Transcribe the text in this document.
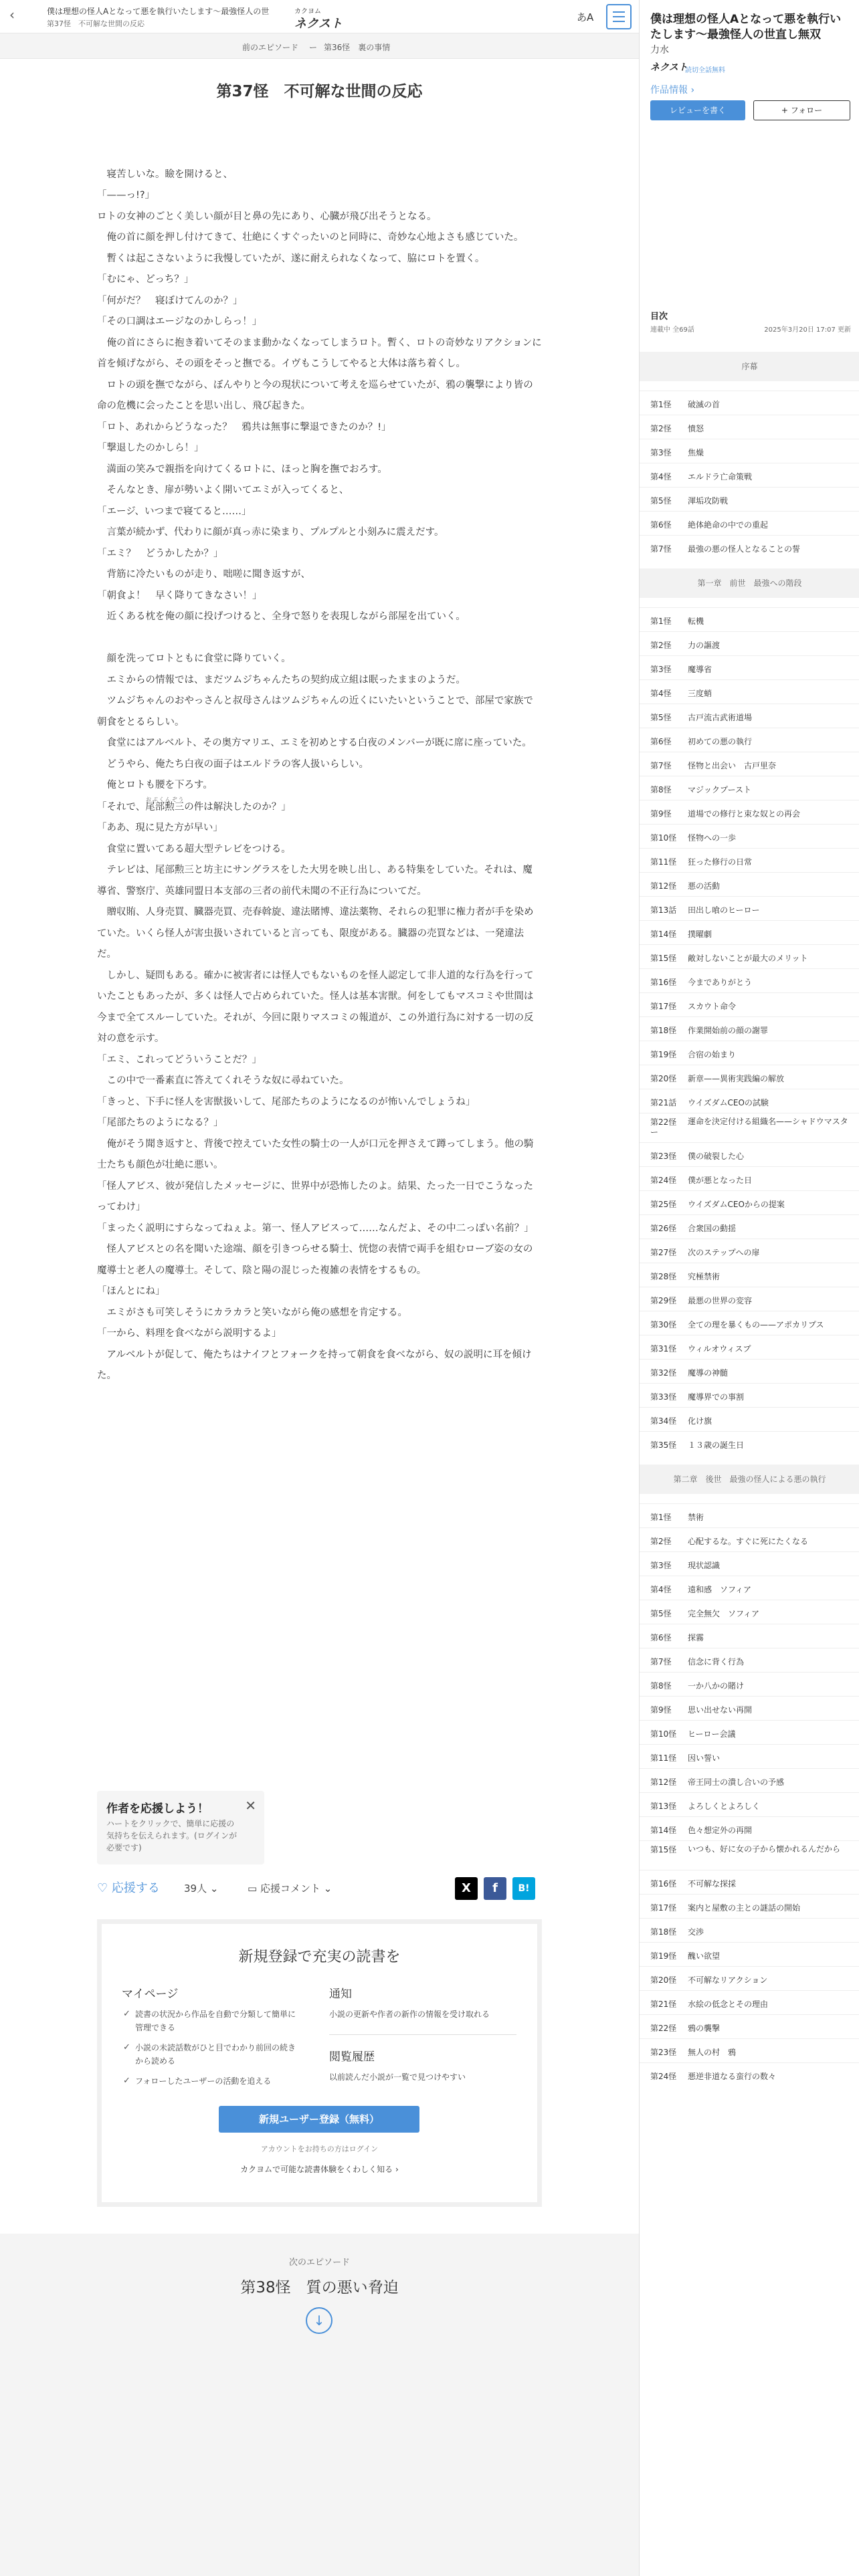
‹	僕は理想の怪人Aとなって悪を執行いたします〜最強怪人の世
第37怪　不可解な世間の反応
カクヨム
ネクスト	あA
前のエピソード ー 第36怪　裏の事情
第37怪　不可解な世間の反応

　寝苦しいな。瞼を開けると、

「——っ!?」

ロトの女神のごとく美しい顔が目と鼻の先にあり、心臓が飛び出そうとなる。

　俺の首に顔を押し付けてきて、壮絶にくすぐったいのと同時に、奇妙な心地よさも感じていた。

　暫くは起こさないように我慢していたが、遂に耐えられなくなって、脇にロトを置く。

「むにゃ、どっち？」

「何がだ？　寝ぼけてんのか？」

「その口調はエージなのかしらっ！」

　俺の首にさらに抱き着いてそのまま動かなくなってしまうロト。暫く、ロトの奇妙なリアクションに首を傾げながら、その頭をそっと撫でる。イヴもこうしてやると大体は落ち着くし。

　ロトの頭を撫でながら、ぼんやりと今の現状について考えを巡らせていたが、鴉の襲撃により皆の命の危機に会ったことを思い出し、飛び起きた。

「ロト、あれからどうなった？　鴉共は無事に撃退できたのか？!」

「撃退したのかしら！」

　満面の笑みで親指を向けてくるロトに、ほっと胸を撫でおろす。

　そんなとき、扉が勢いよく開いてエミが入ってくると、

「エージ、いつまで寝てると……」

　言葉が続かず、代わりに顔が真っ赤に染まり、プルプルと小刻みに震えだす。

「エミ？　どうかしたか？」

　背筋に冷たいものが走り、咄嗟に聞き返すが、

「朝食よ！　早く降りてきなさい！」

　近くある枕を俺の顔に投げつけると、全身で怒りを表現しながら部屋を出ていく。

　顔を洗ってロトともに食堂に降りていく。

　エミからの情報では、まだツムジちゃんたちの契約成立組は眠ったままのようだ。

　ツムジちゃんのおやっさんと叔母さんはツムジちゃんの近くにいたいということで、部屋で家族で朝食をとるらしい。

　食堂にはアルベルト、その奥方マリエ、エミを初めとする白夜のメンバーが既に席に座っていた。

　どうやら、俺たち白夜の面子はエルドラの客人扱いらしい。

　俺とロトも腰を下ろす。

「それで、尾部勲三おぶくんぞうの件は解決したのか？」

「ああ、現に見た方が早い」

　食堂に置いてある超大型テレビをつける。

　テレビは、尾部勲三と坊主にサングラスをした大男を映し出し、ある特集をしていた。それは、魔導省、警察庁、英雄同盟日本支部の三者の前代未聞の不正行為についてだ。

　贈収賄、人身売買、臓器売買、売春斡旋、違法賭博、違法薬物、それらの犯罪に権力者が手を染めていた。いくら怪人が害虫扱いされていると言っても、限度がある。臓器の売買などは、一発違法だ。

　しかし、疑問もある。確かに被害者には怪人でもないものを怪人認定して非人道的な行為を行っていたこともあったが、多くは怪人で占められていた。怪人は基本害獣。何をしてもマスコミや世間は今まで全てスルーしていた。それが、今回に限りマスコミの報道が、この外道行為に対する一切の反対の意を示す。

「エミ、これってどういうことだ？」

　この中で一番素直に答えてくれそうな奴に尋ねていた。

「きっと、下手に怪人を害獣扱いして、尾部たちのようになるのが怖いんでしょうね」

「尾部たちのようになる？」

　俺がそう聞き返すと、背後で控えていた女性の騎士の一人が口元を押さえて蹲ってしまう。他の騎士たちも顔色が壮絶に悪い。

「怪人アビス、彼が発信したメッセージに、世界中が恐怖したのよ。結果、たった一日でこうなったってわけ」

「まったく説明にすらなってねぇよ。第一、怪人アビスって……なんだよ、その中二っぽい名前？」

　怪人アビスとの名を聞いた途端、顔を引きつらせる騎士、恍惚の表情で両手を組むローブ姿の女の魔導士と老人の魔導士。そして、陰と陽の混じった複雑の表情をするもの。

「ほんとにね」

　エミがさも可笑しそうにカラカラと笑いながら俺の感想を肯定する。

「一から、料理を食べながら説明するよ」

　アルベルトが促して、俺たちはナイフとフォークを持って朝食を食べながら、奴の説明に耳を傾けた。

作者を応援しよう！	✕

ハートをクリックで、簡単に応援の気持ちを伝えられます。(ログインが必要です)

♡ 応援する 39人 ⌄	▭ 応援コメント ⌄	X	f	B!
新規登録で充実の読書を
マイページ
✓ 読書の状況から作品を自動で分類して簡単に管理できる
✓ 小説の未読話数がひと目でわかり前回の続きから読める
✓ フォローしたユーザーの活動を追える
通知

小説の更新や作者の新作の情報を受け取れる

閲覧履歴

以前読んだ小説が一覧で見つけやすい

新規ユーザー登録（無料）
アカウントをお持ちの方はログイン
カクヨムで可能な読書体験をくわしく知る ›
次のエピソード
第38怪　質の悪い脅迫
↓
僕は理想の怪人Aとなって悪を執行いたします〜最強怪人の世直し無双
力水
ネクスト
読切全話無料
作品情報 ›
レビューを書く	+ フォロー
目次
連載中 全69話	2025年3月20日 17:07 更新
序幕
第1怪	破滅の首
第2怪	憤怒
第3怪	焦燥
第4怪	エルドラ亡命策戦
第5怪	渾垢攻防戦
第6怪	絶体絶命の中での重起
第7怪	最強の悪の怪人となることの誓
第一章　前世　最強への階段
第1怪	転機
第2怪	力の謳渡
第3怪	魔導省
第4怪	三度蛸
第5怪	古戸流古武術道場
第6怪	初めての悪の執行
第7怪	怪物と出会い　古戸里奈
第8怪	マジックプースト
第9怪	道場での修行と束な奴との再会
第10怪	怪物への一歩
第11怪	狂った修行の日常
第12怪	悪の活動
第13話	田出し喰のヒーロー
第14怪	撲曜劇
第15怪	敵対しないことが最大のメリット
第16怪	今までありがとう
第17怪	スカウト命令
第18怪	作業開始前の顔の謝罪
第19怪	合宿の始まり
第20怪	新章——異術実践編の解放
第21話	ウイズダムCEOの試験
第22怪	運命を決定付ける組織名——シャドウマスター
第23怪	僕の破裂した心
第24怪	僕が悪となった日
第25怪	ウイズダムCEOからの提案
第26怪	合衆国の動揺
第27怪	次のステップへの扉
第28怪	究極禁術
第29怪	最悪の世界の変容
第30怪	全ての理を暴くもの——アポカリプス
第31怪	ウィルオウィスプ
第32怪	魔導の神髄
第33怪	魔導界での事割
第34怪	化け旗
第35怪	１３歳の誕生日
第二章　後世　最強の怪人による悪の執行
第1怪	禁術
第2怪	心配するな。すぐに死にたくなる
第3怪	現状認識
第4怪	遠和感　ソフィア
第5怪	完全無欠　ソフィア
第6怪	探霧
第7怪	信念に背く行為
第8怪	一か八かの賭け
第9怪	思い出せない再開
第10怪	ヒーロー会議
第11怪	因い誓い
第12怪	帝王同士の潰し合いの予感
第13怪	よろしくとよろしく
第14怪	色々想定外の再開
第15怪	いつも、好に女の子から懐かれるんだから
第16怪	不可解な探採
第17怪	案内と屋敷の主との謎話の開始
第18怪	交渉
第19怪	醜い欲望
第20怪	不可解なリアクション
第21怪	水絵の低念とその理由
第22怪	鴉の襲撃
第23怪	無人の村　鴉
第24怪	悪逆非道なる蛮行の数々
